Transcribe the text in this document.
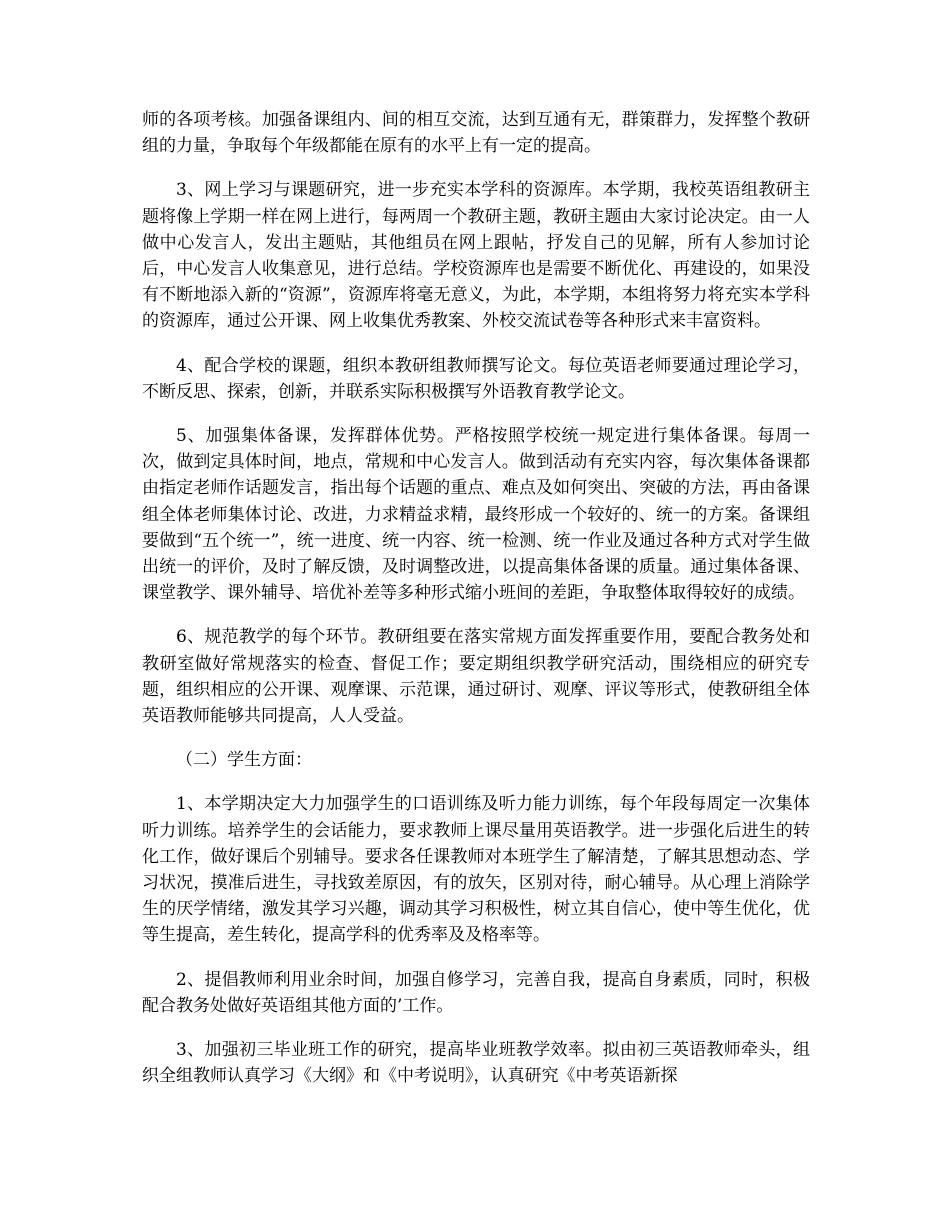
师的各项考核。加强备课组内、间的相互交流，达到互通有无，群策群力，发挥整个教研组的力量，争取每个年级都能在原有的水平上有一定的提高。

3、网上学习与课题研究，进一步充实本学科的资源库。本学期，我校英语组教研主题将像上学期一样在网上进行，每两周一个教研主题，教研主题由大家讨论决定。由一人做中心发言人，发出主题贴，其他组员在网上跟帖，抒发自己的见解，所有人参加讨论后，中心发言人收集意见，进行总结。学校资源库也是需要不断优化、再建设的，如果没有不断地添入新的“资源”，资源库将毫无意义，为此，本学期，本组将努力将充实本学科的资源库，通过公开课、网上收集优秀教案、外校交流试卷等各种形式来丰富资料。

4、配合学校的课题，组织本教研组教师撰写论文。每位英语老师要通过理论学习，不断反思、探索，创新，并联系实际积极撰写外语教育教学论文。

5、加强集体备课，发挥群体优势。严格按照学校统一规定进行集体备课。每周一次，做到定具体时间，地点，常规和中心发言人。做到活动有充实内容，每次集体备课都由指定老师作话题发言，指出每个话题的重点、难点及如何突出、突破的方法，再由备课组全体老师集体讨论、改进，力求精益求精，最终形成一个较好的、统一的方案。备课组要做到“五个统一”，统一进度、统一内容、统一检测、统一作业及通过各种方式对学生做出统一的评价，及时了解反馈，及时调整改进，以提高集体备课的质量。通过集体备课、课堂教学、课外辅导、培优补差等多种形式缩小班间的差距，争取整体取得较好的成绩。

6、规范教学的每个环节。教研组要在落实常规方面发挥重要作用，要配合教务处和教研室做好常规落实的检查、督促工作；要定期组织教学研究活动，围绕相应的研究专题，组织相应的公开课、观摩课、示范课，通过研讨、观摩、评议等形式，使教研组全体英语教师能够共同提高，人人受益。

（二）学生方面：

1、本学期决定大力加强学生的口语训练及听力能力训练，每个年段每周定一次集体听力训练。培养学生的会话能力，要求教师上课尽量用英语教学。进一步强化后进生的转化工作，做好课后个别辅导。要求各任课教师对本班学生了解清楚，了解其思想动态、学习状况，摸准后进生，寻找致差原因，有的放矢，区别对待，耐心辅导。从心理上消除学生的厌学情绪，激发其学习兴趣，调动其学习积极性，树立其自信心，使中等生优化，优等生提高，差生转化，提高学科的优秀率及及格率等。

2、提倡教师利用业余时间，加强自修学习，完善自我，提高自身素质，同时，积极配合教务处做好英语组其他方面的’工作。

3、加强初三毕业班工作的研究，提高毕业班教学效率。拟由初三英语教师牵头，组织全组教师认真学习《大纲》和《中考说明》，认真研究《中考英语新探
